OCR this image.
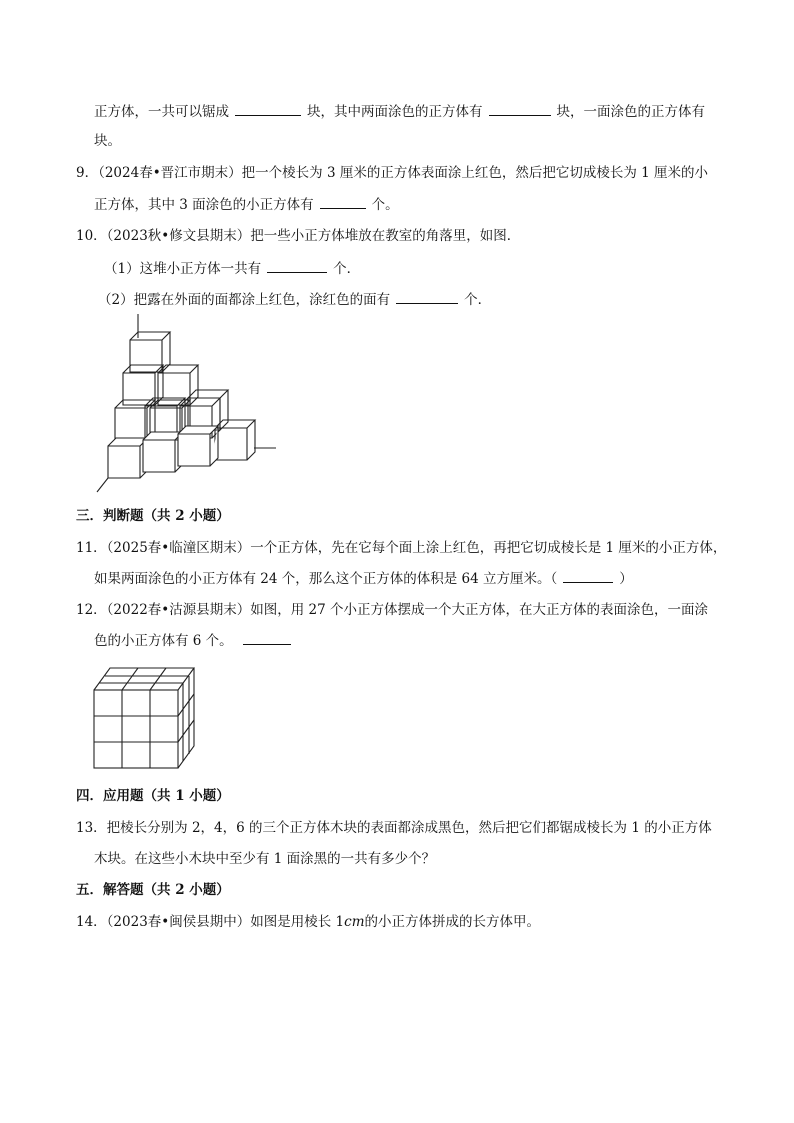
正方体，一共可以锯成	块，其中两面涂色的正方体有	块，一面涂色的正方体有
块。
9．（2024春•晋江市期末）把一个棱长为 3 厘米的正方体表面涂上红色，然后把它切成棱长为 1 厘米的小
正方体，其中 3 面涂色的小正方体有	个。
10．（2023秋•修文县期末）把一些小正方体堆放在教室的角落里，如图．
（1）这堆小正方体一共有	个．
（2）把露在外面的面都涂上红色，涂红色的面有	个．
三．判断题（共 2 小题）
11．（2025春•临潼区期末）一个正方体，先在它每个面上涂上红色，再把它切成棱长是 1 厘米的小正方体，
如果两面涂色的小正方体有 24 个，那么这个正方体的体积是 64 立方厘米。（	）
12．（2022春•沽源县期末）如图，用 27 个小正方体摆成一个大正方体，在大正方体的表面涂色，一面涂
色的小正方体有 6 个。
四．应用题（共 1 小题）
13．把棱长分别为 2，4，6 的三个正方体木块的表面都涂成黑色，然后把它们都锯成棱长为 1 的小正方体
木块。在这些小木块中至少有 1 面涂黑的一共有多少个？
五．解答题（共 2 小题）
14．（2023春•闽侯县期中）如图是用棱长 1cm的小正方体拼成的长方体甲。
